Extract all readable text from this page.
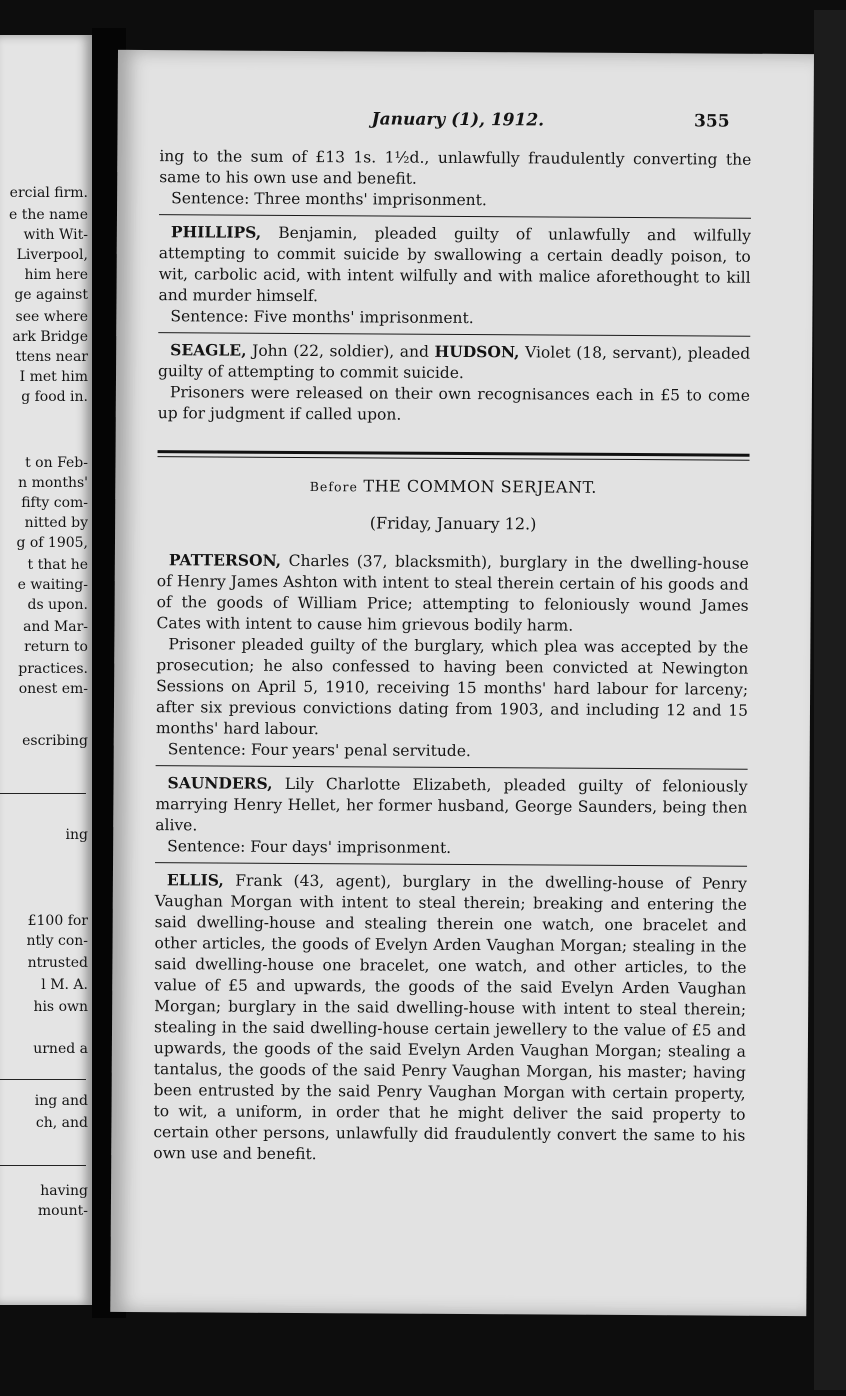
ercial firm.
e the name
with Wit-
Liverpool,
him here
ge against
see where
ark Bridge
ttens near
I met him
g food in.
t on Feb-
n months'
fifty com-
nitted by
g of 1905,
t that he
e waiting-
ds upon.
and Mar-
return to
practices.
onest em-
escribing
ing
£100 for
ntly con-
ntrusted
l M. A.
his own
urned a
ing and
ch, and
having
mount-
January (1), 1912.	355

ing to the sum of £13 1s. 1½d., unlawfully fraudulently converting the same to his own use and benefit.

Sentence: Three months' imprisonment.

PHILLIPS, Benjamin, pleaded guilty of unlawfully and wilfully attempting to commit suicide by swallowing a certain deadly poison, to wit, carbolic acid, with intent wilfully and with malice aforethought to kill and murder himself.

Sentence: Five months' imprisonment.

SEAGLE, John (22, soldier), and HUDSON, Violet (18, servant), pleaded guilty of attempting to commit suicide.

Prisoners were released on their own recognisances each in £5 to come up for judgment if called upon.

Before THE COMMON SERJEANT.
(Friday, January 12.)

PATTERSON, Charles (37, blacksmith), burglary in the dwelling-house of Henry James Ashton with intent to steal therein certain of his goods and of the goods of William Price; attempting to feloniously wound James Cates with intent to cause him grievous bodily harm.

Prisoner pleaded guilty of the burglary, which plea was accepted by the prosecution; he also confessed to having been convicted at Newington Sessions on April 5, 1910, receiving 15 months' hard labour for larceny; after six previous convictions dating from 1903, and including 12 and 15 months' hard labour.

Sentence: Four years' penal servitude.

SAUNDERS, Lily Charlotte Elizabeth, pleaded guilty of feloniously marrying Henry Hellet, her former husband, George Saunders, being then alive.

Sentence: Four days' imprisonment.

ELLIS, Frank (43, agent), burglary in the dwelling-house of Penry Vaughan Morgan with intent to steal therein; breaking and entering the said dwelling-house and stealing therein one watch, one bracelet and other articles, the goods of Evelyn Arden Vaughan Morgan; stealing in the said dwelling-house one bracelet, one watch, and other articles, to the value of £5 and upwards, the goods of the said Evelyn Arden Vaughan Morgan; burglary in the said dwelling-house with intent to steal therein; stealing in the said dwelling-house certain jewellery to the value of £5 and upwards, the goods of the said Evelyn Arden Vaughan Morgan; stealing a tantalus, the goods of the said Penry Vaughan Morgan, his master; having been entrusted by the said Penry Vaughan Morgan with certain property, to wit, a uniform, in order that he might deliver the said property to certain other persons, unlawfully did fraudulently convert the same to his own use and benefit.
